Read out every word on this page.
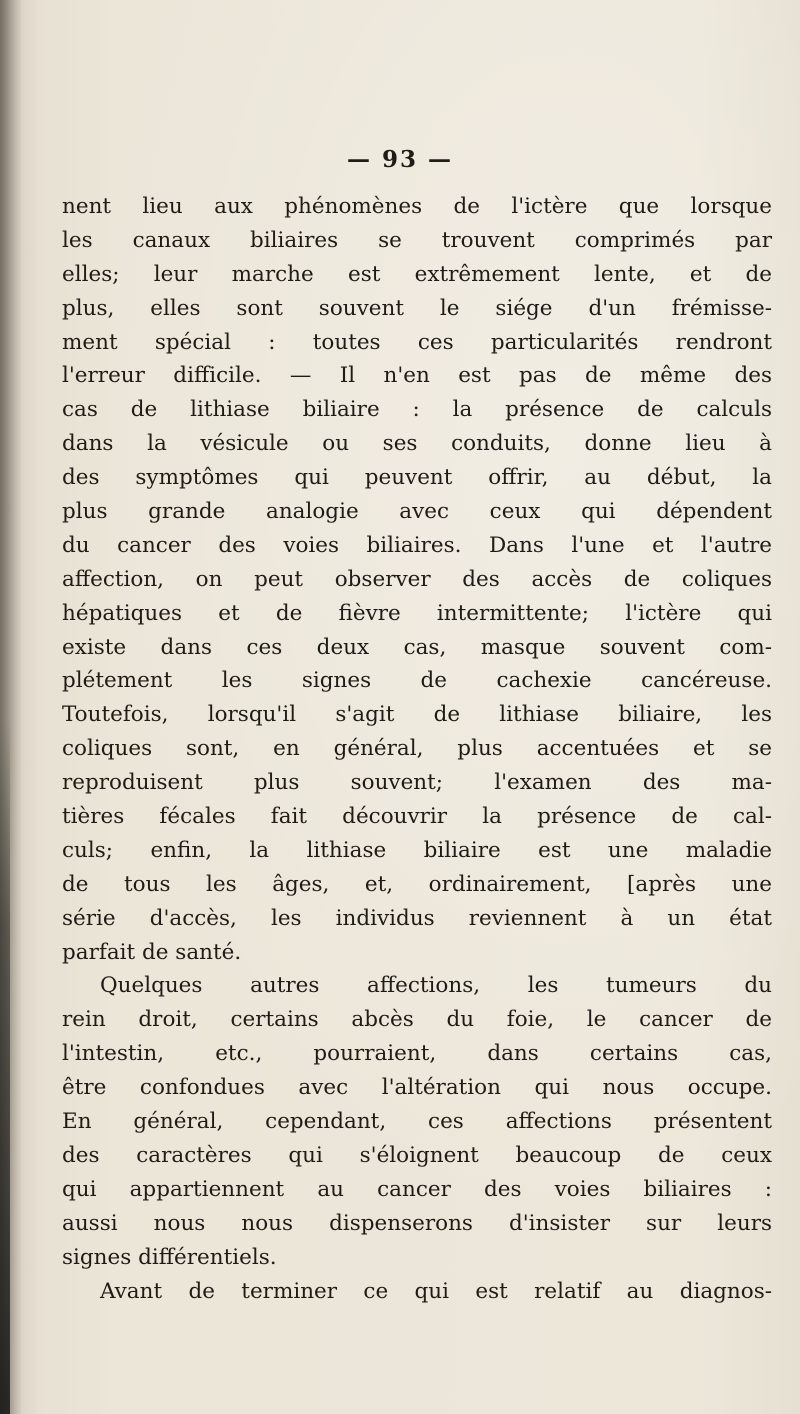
— 93 —
nent lieu aux phénomènes de l'ictère que lorsque
les canaux biliaires se trouvent comprimés par
elles; leur marche est extrêmement lente, et de
plus, elles sont souvent le siége d'un frémisse-
ment spécial : toutes ces particularités rendront
l'erreur difficile. — Il n'en est pas de même des
cas de lithiase biliaire : la présence de calculs
dans la vésicule ou ses conduits, donne lieu à
des symptômes qui peuvent offrir, au début, la
plus grande analogie avec ceux qui dépendent
du cancer des voies biliaires. Dans l'une et l'autre
affection, on peut observer des accès de coliques
hépatiques et de fièvre intermittente; l'ictère qui
existe dans ces deux cas, masque souvent com-
plétement les signes de cachexie cancéreuse.
Toutefois, lorsqu'il s'agit de lithiase biliaire, les
coliques sont, en général, plus accentuées et se
reproduisent plus souvent; l'examen des ma-
tières fécales fait découvrir la présence de cal-
culs; enfin, la lithiase biliaire est une maladie
de tous les âges, et, ordinairement, [après une
série d'accès, les individus reviennent à un état
parfait de santé.
Quelques autres affections, les tumeurs du
rein droit, certains abcès du foie, le cancer de
l'intestin, etc., pourraient, dans certains cas,
être confondues avec l'altération qui nous occupe.
En général, cependant, ces affections présentent
des caractères qui s'éloignent beaucoup de ceux
qui appartiennent au cancer des voies biliaires :
aussi nous nous dispenserons d'insister sur leurs
signes différentiels.
Avant de terminer ce qui est relatif au diagnos-
